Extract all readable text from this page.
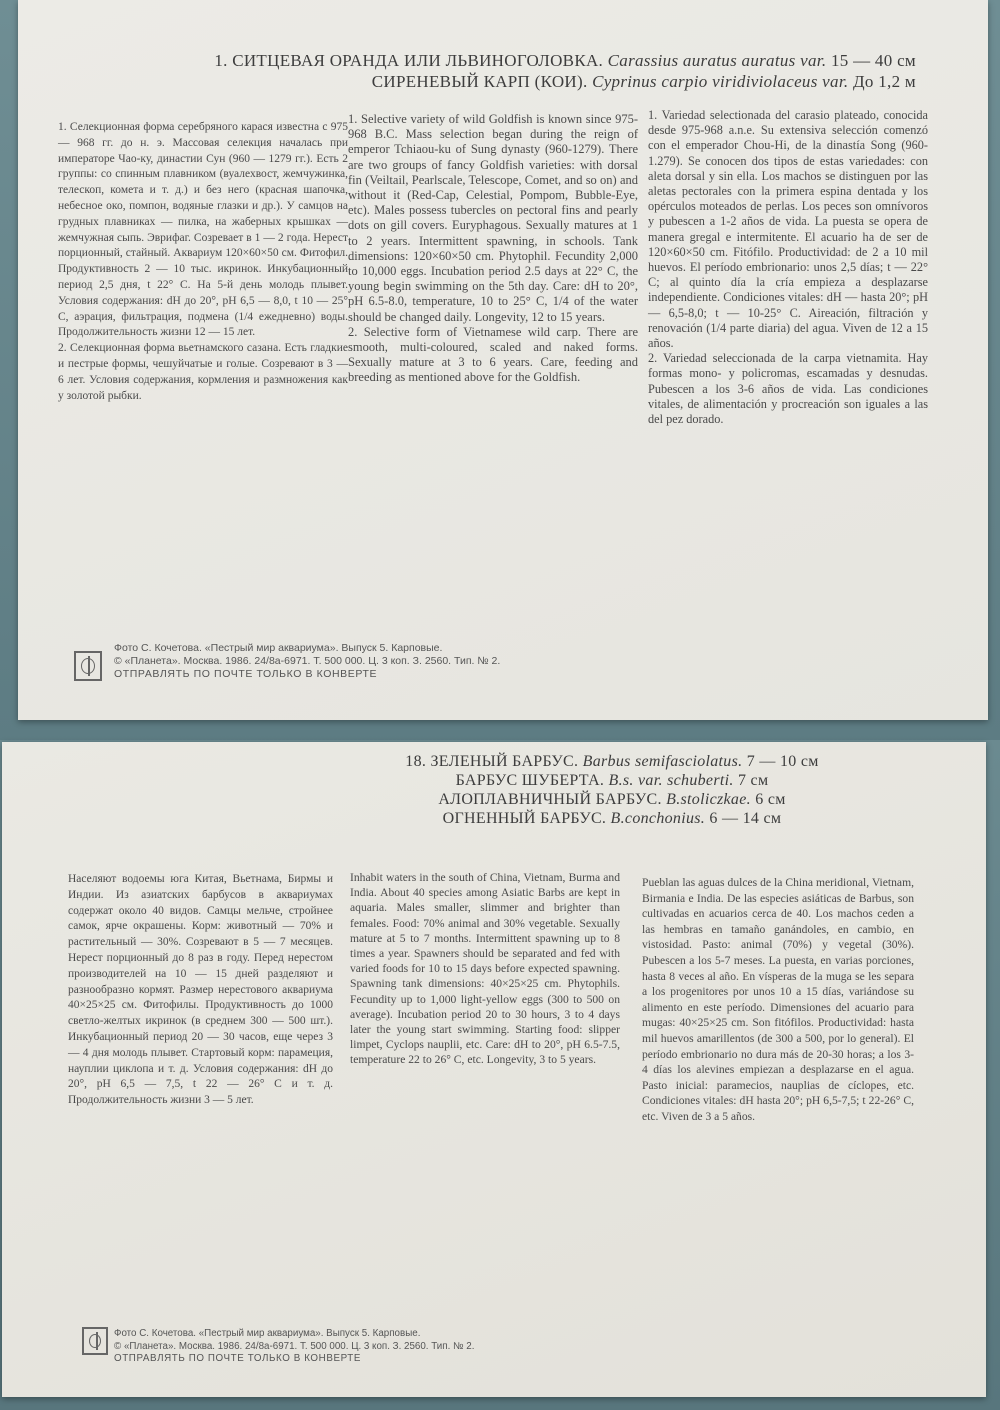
1. СИТЦЕВАЯ ОРАНДА ИЛИ ЛЬВИНОГОЛОВКА. Carassius auratus auratus var. 15 — 40 см
СИРЕНЕВЫЙ КАРП (КОИ). Cyprinus carpio viridiviolaceus var. До 1,2 м

1. Селекционная форма серебряного карася известна с 975 — 968 гг. до н. э. Массовая селекция началась при императоре Чао-ку, династии Сун (960 — 1279 гг.). Есть 2 группы: со спинным плавником (вуалехвост, жемчужинка, телескоп, комета и т. д.) и без него (красная шапочка, небесное око, помпон, водяные глазки и др.). У самцов на грудных плавниках — пилка, на жаберных крышках — жемчужная сыпь. Эврифаг. Созревает в 1 — 2 года. Нерест порционный, стайный. Аквариум 120×60×50 см. Фитофил. Продуктивность 2 — 10 тыс. икринок. Инкубационный период 2,5 дня, t 22° С. На 5-й день молодь плывет. Условия содержания: dH до 20°, pH 6,5 — 8,0, t 10 — 25° С, аэрация, фильтрация, подмена (1/4 ежедневно) воды. Продолжительность жизни 12 — 15 лет.

2. Селекционная форма вьетнамского сазана. Есть гладкие и пестрые формы, чешуйчатые и голые. Созревают в 3 — 6 лет. Условия содержания, кормления и размножения как у золотой рыбки.

1. Selective variety of wild Goldfish is known since 975-968 B.C. Mass selection began during the reign of emperor Tchiaou-ku of Sung dynasty (960-1279). There are two groups of fancy Goldfish varieties: with dorsal fin (Veiltail, Pearlscale, Telescope, Comet, and so on) and without it (Red-Cap, Celestial, Pompom, Bubble-Eye, etc). Males possess tubercles on pectoral fins and pearly dots on gill covers. Euryphagous. Sexually matures at 1 to 2 years. Intermittent spawning, in schools. Tank dimensions: 120×60×50 cm. Phytophil. Fecundity 2,000 to 10,000 eggs. Incubation period 2.5 days at 22° C, the young begin swimming on the 5th day. Care: dH to 20°, pH 6.5-8.0, temperature, 10 to 25° C, 1/4 of the water should be changed daily. Longevity, 12 to 15 years.

2. Selective form of Vietnamese wild carp. There are smooth, multi-coloured, scaled and naked forms. Sexually mature at 3 to 6 years. Care, feeding and breeding as mentioned above for the Goldfish.

1. Variedad selectionada del carasio plateado, conocida desde 975-968 a.n.e. Su extensiva selección comenzó con el emperador Chou-Hi, de la dinastía Song (960-1.279). Se conocen dos tipos de estas variedades: con aleta dorsal y sin ella. Los machos se distinguen por las aletas pectorales con la primera espina dentada y los opérculos moteados de perlas. Los peces son omnívoros y pubescen a 1-2 años de vida. La puesta se opera de manera gregal e intermitente. El acuario ha de ser de 120×60×50 cm. Fitófilo. Productividad: de 2 a 10 mil huevos. El período embrionario: unos 2,5 días; t — 22° C; al quinto día la cría empieza a desplazarse independiente. Condiciones vitales: dH — hasta 20°; pH — 6,5-8,0; t — 10-25° C. Aireación, filtración y renovación (1/4 parte diaria) del agua. Viven de 12 a 15 años.

2. Variedad seleccionada de la carpa vietnamita. Hay formas mono- y policromas, escamadas y desnudas. Pubescen a los 3-6 años de vida. Las condiciones vitales, de alimentación y procreación son iguales a las del pez dorado.

Фото С. Кочетова. «Пестрый мир аквариума». Выпуск 5. Карповые.
© «Планета». Москва. 1986. 24/8а-6971. Т. 500 000. Ц. 3 коп. З. 2560. Тип. № 2.
ОТПРАВЛЯТЬ ПО ПОЧТЕ ТОЛЬКО В КОНВЕРТЕ
18. ЗЕЛЕНЫЙ БАРБУС. Barbus semifasciolatus. 7 — 10 см
БАРБУС ШУБЕРТА. B.s. var. schuberti. 7 см
АЛОПЛАВНИЧНЫЙ БАРБУС. B.stoliczkae. 6 см
ОГНЕННЫЙ БАРБУС. B.conchonius. 6 — 14 см

Населяют водоемы юга Китая, Вьетнама, Бирмы и Индии. Из азиатских барбусов в аквариумах содержат около 40 видов. Самцы мельче, стройнее самок, ярче окрашены. Корм: животный — 70% и растительный — 30%. Созревают в 5 — 7 месяцев. Нерест порционный до 8 раз в году. Перед нерестом производителей на 10 — 15 дней разделяют и разнообразно кормят. Размер нерестового аквариума 40×25×25 см. Фитофилы. Продуктивность до 1000 светло-желтых икринок (в среднем 300 — 500 шт.). Инкубационный период 20 — 30 часов, еще через 3 — 4 дня молодь плывет. Стартовый корм: парамеция, науплии циклопа и т. д. Условия содержания: dH до 20°, pH 6,5 — 7,5, t 22 — 26° С и т. д. Продолжительность жизни 3 — 5 лет.

Inhabit waters in the south of China, Vietnam, Burma and India. About 40 species among Asiatic Barbs are kept in aquaria. Males smaller, slimmer and brighter than females. Food: 70% animal and 30% vegetable. Sexually mature at 5 to 7 months. Intermittent spawning up to 8 times a year. Spawners should be separated and fed with varied foods for 10 to 15 days before expected spawning. Spawning tank dimensions: 40×25×25 cm. Phytophils. Fecundity up to 1,000 light-yellow eggs (300 to 500 on average). Incubation period 20 to 30 hours, 3 to 4 days later the young start swimming. Starting food: slipper limpet, Cyclops nauplii, etc. Care: dH to 20°, pH 6.5-7.5, temperature 22 to 26° C, etc. Longevity, 3 to 5 years.

Pueblan las aguas dulces de la China meridional, Vietnam, Birmania e India. De las especies asiáticas de Barbus, son cultivadas en acuarios cerca de 40. Los machos ceden a las hembras en tamaño ganándoles, en cambio, en vistosidad. Pasto: animal (70%) y vegetal (30%). Pubescen a los 5-7 meses. La puesta, en varias porciones, hasta 8 veces al año. En vísperas de la muga se les separa a los progenitores por unos 10 a 15 días, variándose su alimento en este período. Dimensiones del acuario para mugas: 40×25×25 cm. Son fitófilos. Productividad: hasta mil huevos amarillentos (de 300 a 500, por lo general). El período embrionario no dura más de 20-30 horas; a los 3-4 días los alevines empiezan a desplazarse en el agua. Pasto inicial: paramecios, nauplias de cíclopes, etc. Condiciones vitales: dH hasta 20°; pH 6,5-7,5; t 22-26° C, etc. Viven de 3 a 5 años.

Фото С. Кочетова. «Пестрый мир аквариума». Выпуск 5. Карповые.
© «Планета». Москва. 1986. 24/8а-6971. Т. 500 000. Ц. 3 коп. З. 2560. Тип. № 2.
ОТПРАВЛЯТЬ ПО ПОЧТЕ ТОЛЬКО В КОНВЕРТЕ
